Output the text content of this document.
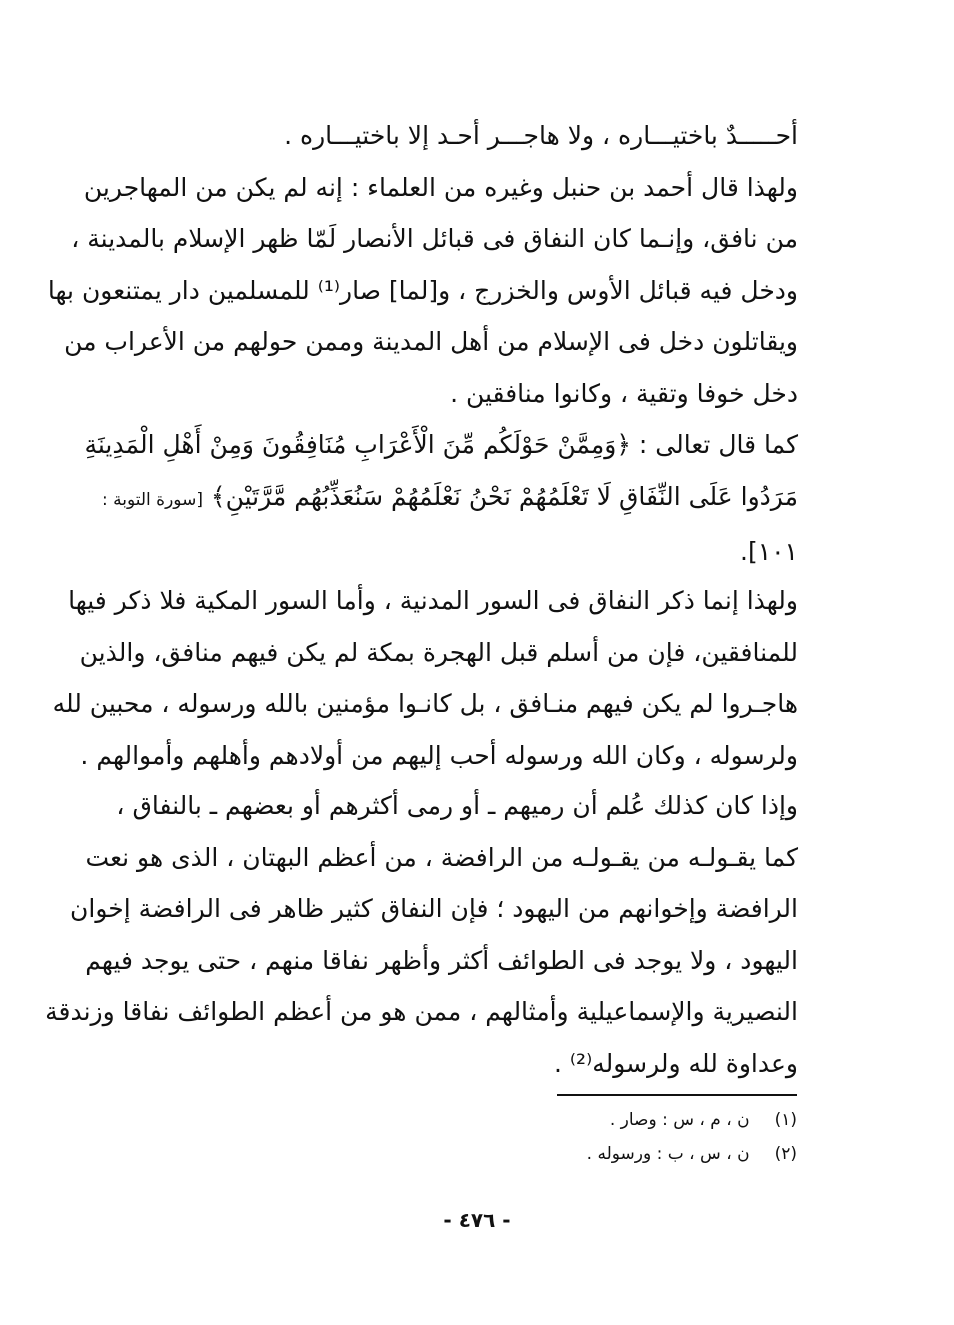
أحـــــدٌ باختيـــاره ، ولا هاجـــر أحـد إلا باختيـــاره .
ولهذا قال أحمد بن حنبل وغيره من العلماء : إنه لم يكن من المهاجرين
من نافق، وإنـما كان النفاق فى قبائل الأنصار لَمّا ظهر الإسلام بالمدينة ،
ودخل فيه قبائل الأوس والخزرج ، و[لما] صار⁽¹⁾ للمسلمين دار يمتنعون بها
ويقاتلون دخل فى الإسلام من أهل المدينة وممن حولهم من الأعراب من
دخل خوفا وتقية ، وكانوا منافقين .
كما قال تعالى : ﴿وَمِمَّنْ حَوْلَكُم مِّنَ الْأَعْرَابِ مُنَافِقُونَ وَمِنْ أَهْلِ الْمَدِينَةِ
مَرَدُوا عَلَى النِّفَاقِ لَا تَعْلَمُهُمْ نَحْنُ نَعْلَمُهُمْ سَنُعَذِّبُهُم مَّرَّتَيْنِ﴾ [سورة التوبة :
١٠١].
ولهذا إنما ذكر النفاق فى السور المدنية ، وأما السور المكية فلا ذكر فيها
للمنافقين، فإن من أسلم قبل الهجرة بمكة لم يكن فيهم منافق، والذين
هاجـروا لم يكن فيهم منـافق ، بل كانـوا مؤمنين بالله ورسوله ، محبين لله
ولرسوله ، وكان الله ورسوله أحب إليهم من أولادهم وأهلهم وأموالهم .
وإذا كان كذلك عُلم أن رميهم ـ أو رمى أكثرهم أو بعضهم ـ بالنفاق ،
كما يقـولـه من يقـولـه من الرافضة ، من أعظم البهتان ، الذى هو نعت
الرافضة وإخوانهم من اليهود ؛ فإن النفاق كثير ظاهر فى الرافضة إخوان
اليهود ، ولا يوجد فى الطوائف أكثر وأظهر نفاقا منهم ، حتى يوجد فيهم
النصيرية والإسماعيلية وأمثالهم ، ممن هو من أعظم الطوائف نفاقا وزندقة
وعداوة لله ولرسوله⁽²⁾ .
(١) ن ، م ، س : وصار .
(٢) ن ، س ، ب : ورسوله .
- ٤٧٦ -
